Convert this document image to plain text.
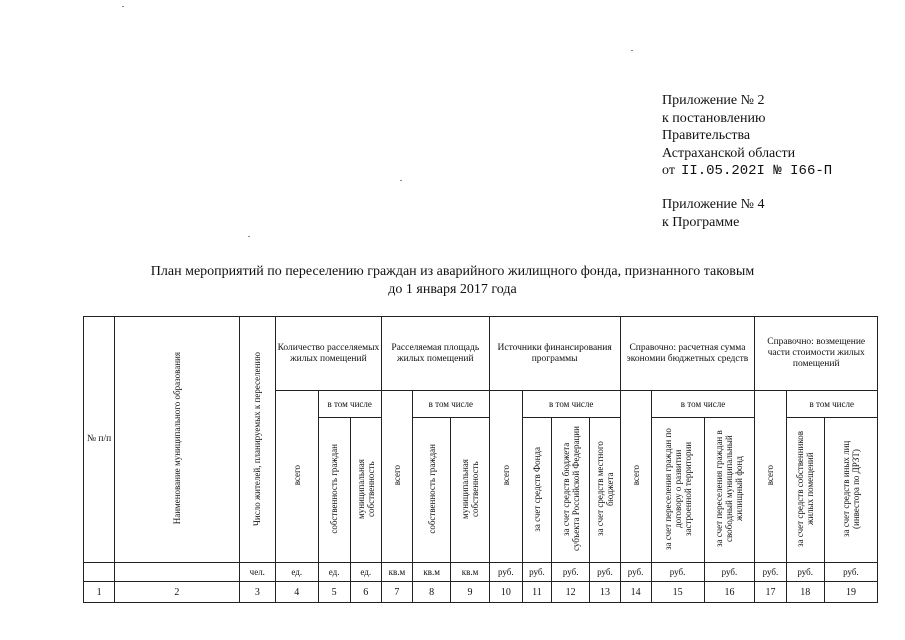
Приложение № 2
к постановлению
Правительства
Астраханской области
от II.05.202I № I66-П
Приложение № 4
к Программе
План мероприятий по переселению граждан из аварийного жилищного фонда, признанного таковым
до 1 января 2017 года
№ п/п	Наименование муниципального образования	Число жителей, планируемых к переселению	Количество расселяемых жилых помещений			Расселяемая площадь жилых помещений			Источники финансирования программы				Справочно: расчетная сумма экономии бюджетных средств			Справочно: возмещение части стоимости жилых помещений		
			всего	в том числе		всего	в том числе		всего	в том числе			всего	в том числе		всего	в том числе	
				собственность граждан	муниципальная собственность		собственность граждан	муниципальная собственность		за счет средств Фонда	за счет средств бюджета субъекта Российской Федерации	за счет средств местного бюджета		за счет переселения граждан по договору о развитии застроенной территории	за счет переселения граждан в свободный муниципальный жилищный фонд		за счет средств собственников жилых помещений	за счет средств иных лиц (инвестора по ДРЗТ)
		чел.	ед.	ед.	ед.	кв.м	кв.м	кв.м	руб.	руб.	руб.	руб.	руб.	руб.	руб.	руб.	руб.	руб.
1	2	3	4	5	6	7	8	9	10	11	12	13	14	15	16	17	18	19
